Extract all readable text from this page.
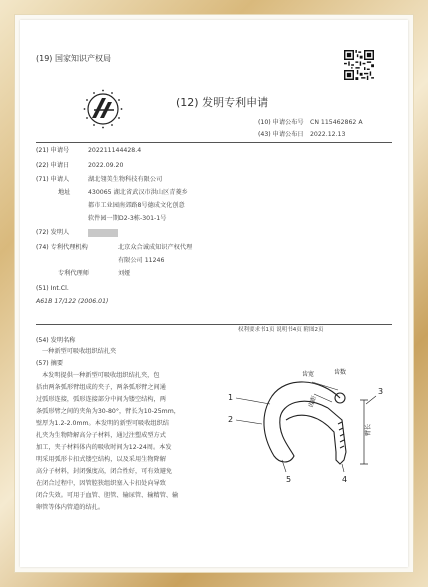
(19) 国家知识产权局
(12) 发明专利申请
(10) 申请公布号 CN 115462862 A
(43) 申请公布日 2022.12.13
(21) 申请号	202211144428.4
(22) 申请日	2022.09.20
(71) 申请人	湖北翎美生物科技有限公司
地址	430065 湖北省武汉市洪山区青菱乡
都市工业园南郊路8号德成文化创意
软件园一期D2-3栋-301-1号
(72) 发明人
(74) 专利代理机构	北京众合诚成知识产权代理
有限公司 11246
专利代理师	刘娅
(51) Int.Cl.
A61B 17/122 (2006.01)
权利要求书1页 说明书4页 附图2页
(54) 发明名称
一种新型可吸收组织结扎夹
(57) 摘要
本发明提供一种新型可吸收组织结扎夹，包
括由两条弧形臂组成的夹子，两条弧形臂之间通
过弧形连接，弧形连接部分中间为镂空结构，两
条弧形臂之间的夹角为30-80°，臂长为10-25mm，
壁厚为1.2-2.0mm。本发明的新型可吸收组织结
扎夹为生物降解高分子材料，通过注塑成型方式
加工，夹子材料体内的吸收时间为12-24周。本发
明采用弧形卡扣式镂空结构，以及采用生物降解
高分子材料，封闭强度高，闭合性好，可有效避免
在闭合过程中，因管腔狭组织塞入卡扣处向导致
闭合失效。可用于血管、胆管、输尿管、输精管、输
卵管等体内管道的结扎。
1
2
3
4
5
齿宽	齿数
齿距
臂长
